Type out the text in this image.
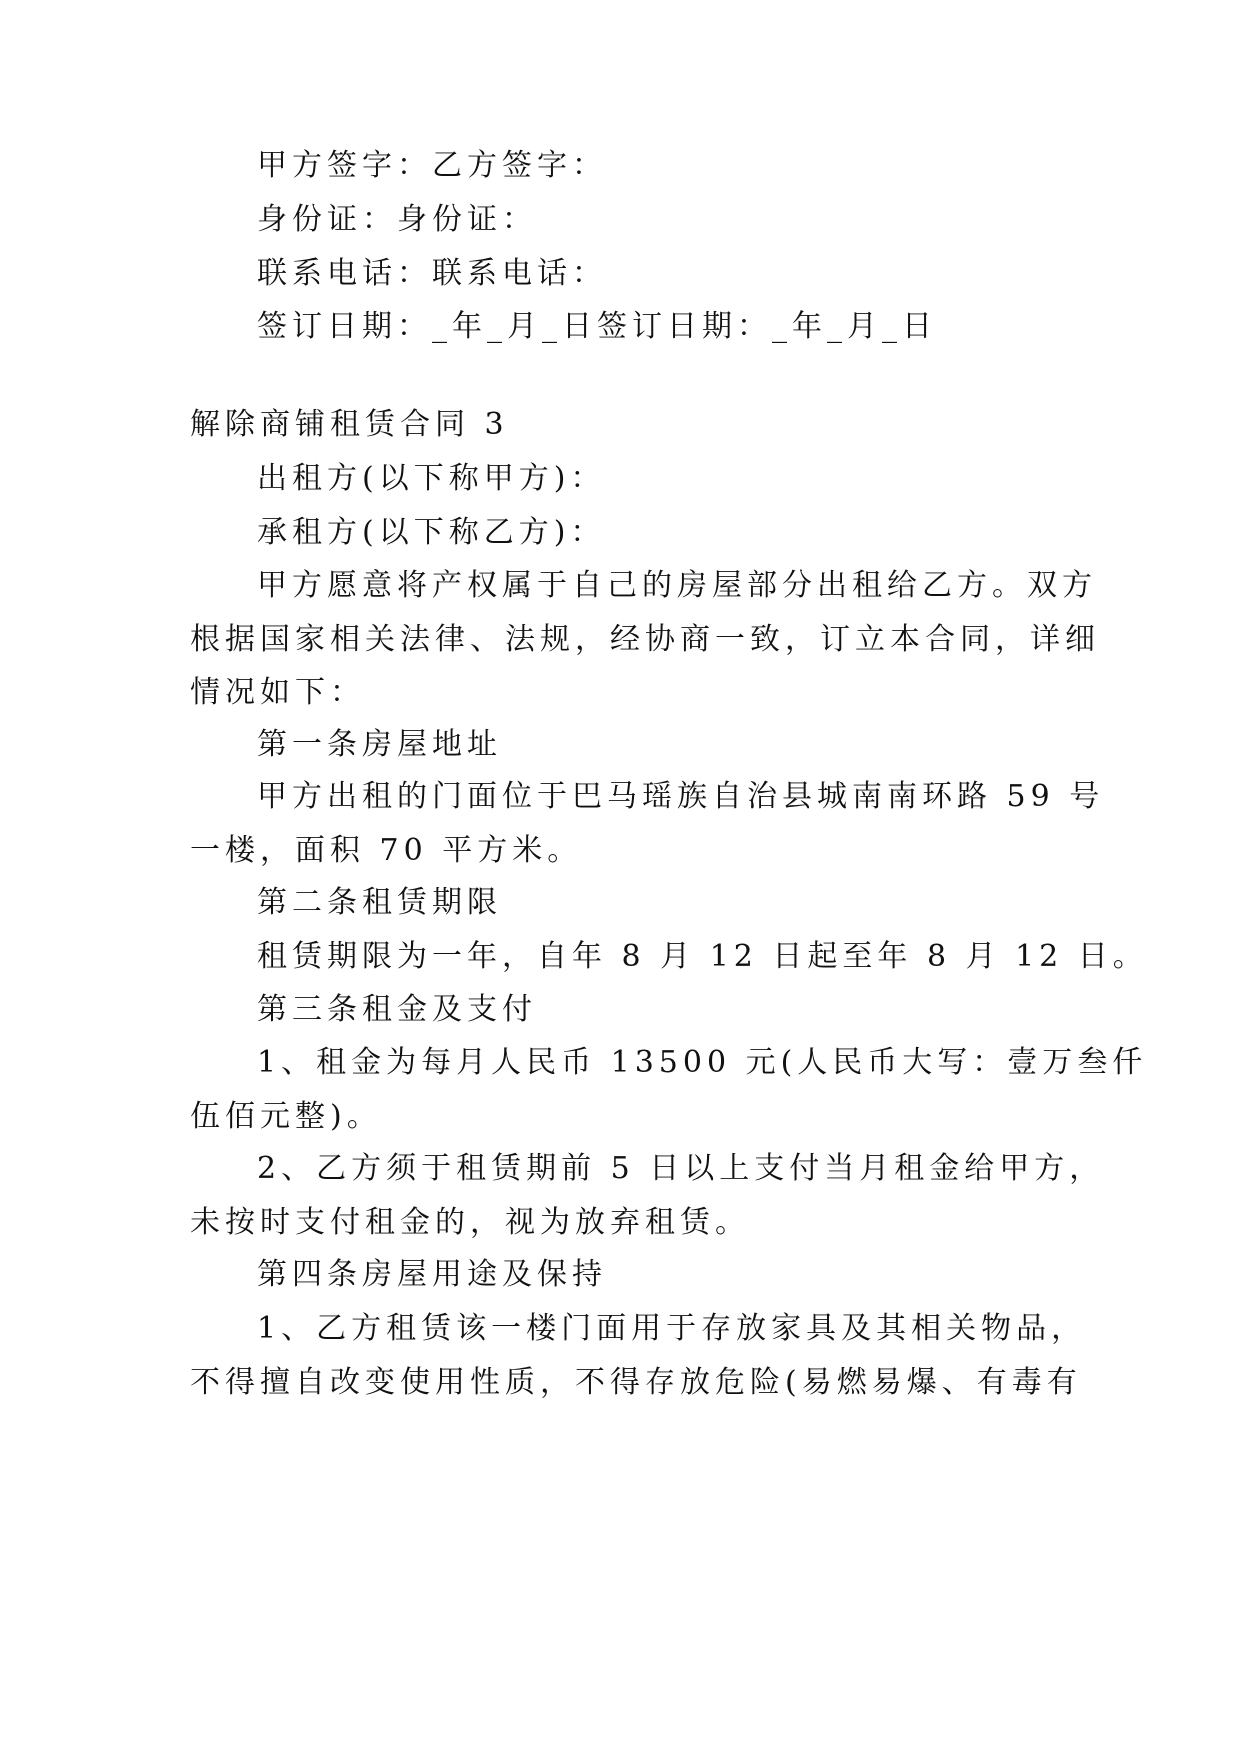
甲方签字：乙方签字：
身份证：身份证：
联系电话：联系电话：
签订日期：_年_月_日签订日期：_年_月_日
解除商铺租赁合同 3
出租方(以下称甲方)：
承租方(以下称乙方)：
甲方愿意将产权属于自己的房屋部分出租给乙方。双方
根据国家相关法律、法规，经协商一致，订立本合同，详细
情况如下：
第一条房屋地址
甲方出租的门面位于巴马瑶族自治县城南南环路 59 号
一楼，面积 70 平方米。
第二条租赁期限
租赁期限为一年，自年 8 月 12 日起至年 8 月 12 日。
第三条租金及支付
1、租金为每月人民币 13500 元(人民币大写：壹万叁仟
伍佰元整)。
2、乙方须于租赁期前 5 日以上支付当月租金给甲方，
未按时支付租金的，视为放弃租赁。
第四条房屋用途及保持
1、乙方租赁该一楼门面用于存放家具及其相关物品，
不得擅自改变使用性质，不得存放危险(易燃易爆、有毒有
